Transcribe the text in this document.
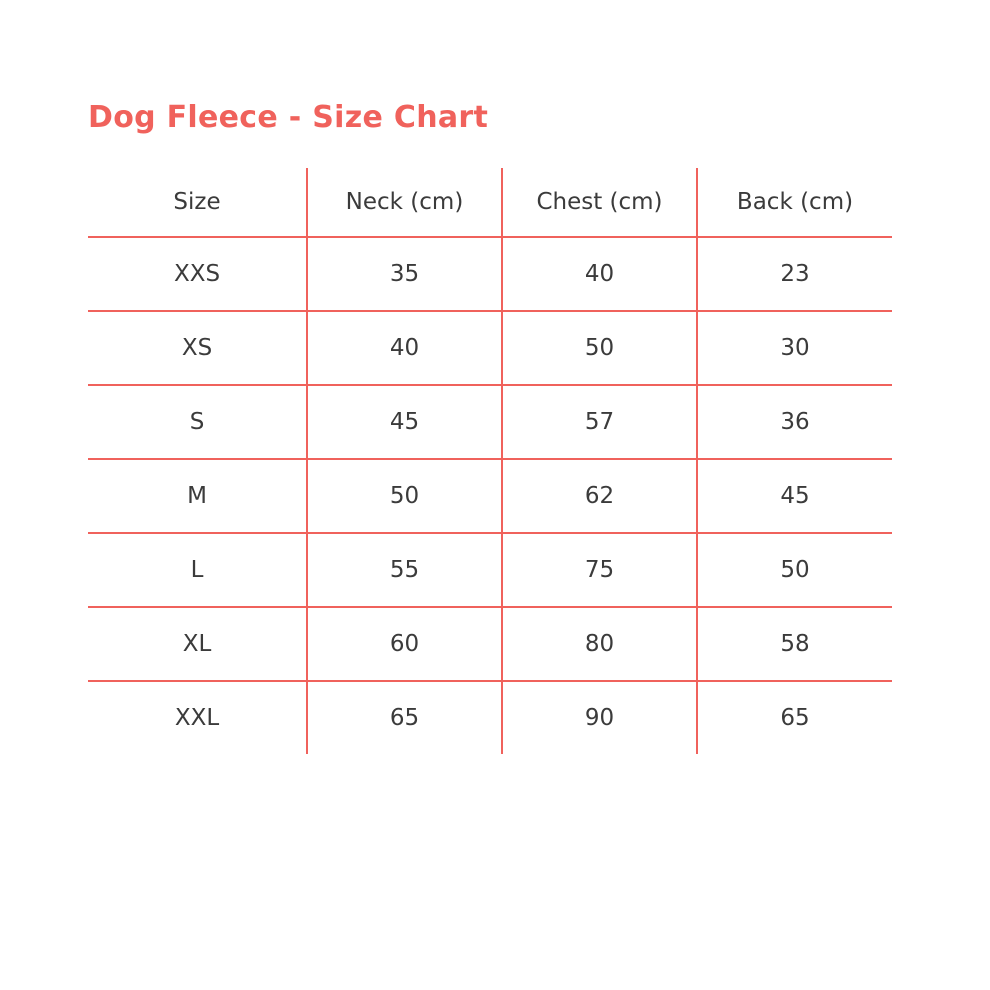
Dog Fleece - Size Chart
Size	Neck (cm)	Chest (cm)	Back (cm)
XXS	35	40	23
XS	40	50	30
S	45	57	36
M	50	62	45
L	55	75	50
XL	60	80	58
XXL	65	90	65
